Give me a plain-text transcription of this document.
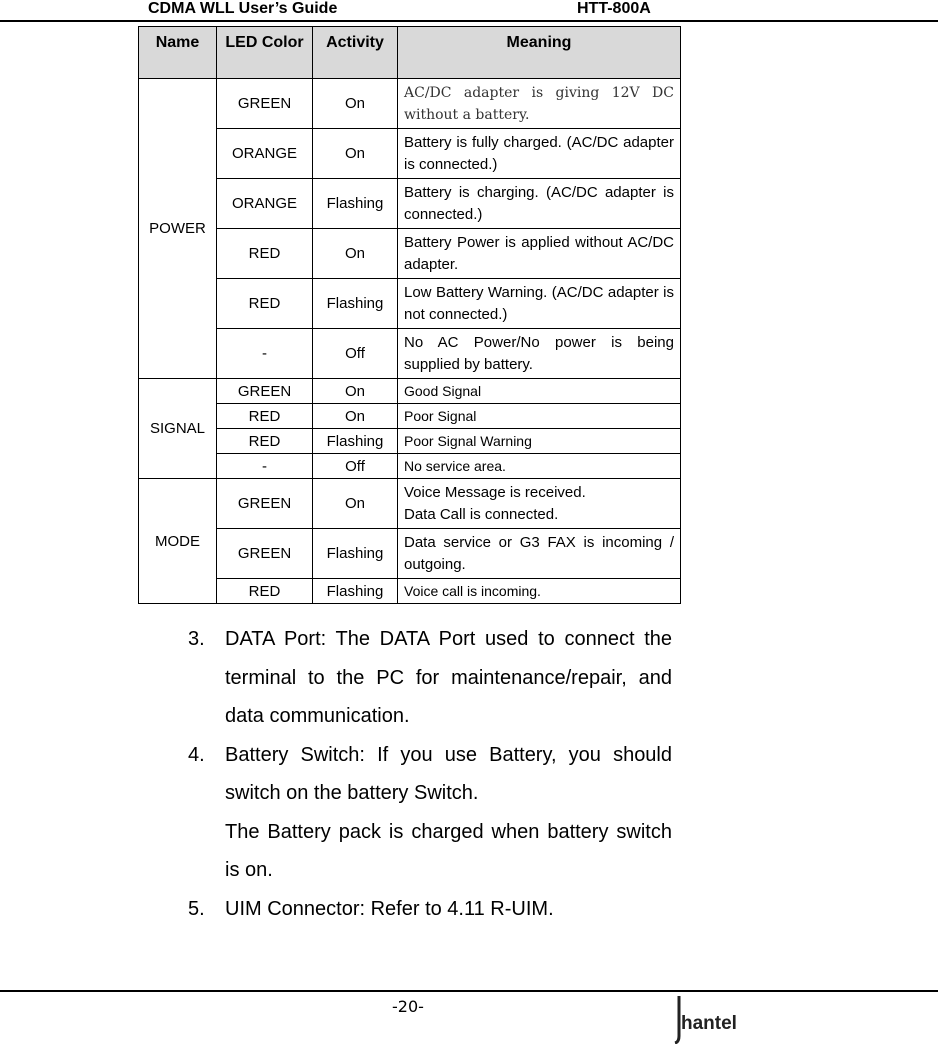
CDMA WLL User’s Guide	HTT-800A
Name	LED Color	Activity	Meaning
POWER	GREEN	On	AC/DC adapter is giving 12V DC without a battery.
	ORANGE	On	Battery is fully charged. (AC/DC adapter is connected.)
	ORANGE	Flashing	Battery is charging. (AC/DC adapter is connected.)
	RED	On	Battery Power is applied without AC/DC adapter.
	RED	Flashing	Low Battery Warning. (AC/DC adapter is not connected.)
	-	Off	No AC Power/No power is being supplied by battery.
SIGNAL	GREEN	On	Good Signal
	RED	On	Poor Signal
	RED	Flashing	Poor Signal Warning
	-	Off	No service area.
MODE	GREEN	On	Voice Message is received.
Data Call is connected.
	GREEN	Flashing	Data service or G3 FAX is incoming / outgoing.
	RED	Flashing	Voice call is incoming.
3. DATA Port: The DATA Port used to connect the terminal to the PC for maintenance/repair, and data communication.
4. Battery Switch: If you use Battery, you should switch on the battery Switch.
The Battery pack is charged when battery switch is on.
5. UIM Connector: Refer to 4.11 R-UIM.
-20-
hantel
